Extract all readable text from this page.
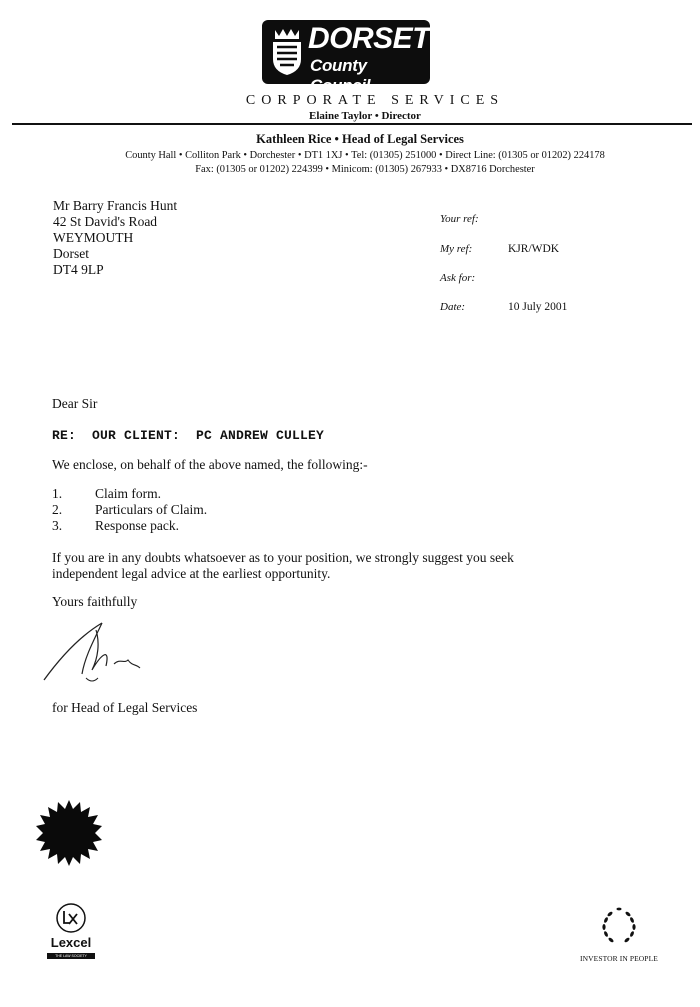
DORSET
County Council
CORPORATE SERVICES
Elaine Taylor • Director
Kathleen Rice • Head of Legal Services
County Hall • Colliton Park • Dorchester • DT1 1XJ • Tel: (01305) 251000 • Direct Line: (01305 or 01202) 224178
Fax: (01305 or 01202) 224399 • Minicom: (01305) 267933 • DX8716 Dorchester
Mr Barry Francis Hunt
42 St David's Road
WEYMOUTH
Dorset
DT4 9LP
Your ref:
My ref:	KJR/WDK
Ask for:
Date:	10 July 2001
Dear Sir
RE:  OUR CLIENT:  PC ANDREW CULLEY
We enclose, on behalf of the above named, the following:-
1. Claim form.
2. Particulars of Claim.
3. Response pack.
If you are in any doubts whatsoever as to your position, we strongly suggest you seek
independent legal advice at the earliest opportunity.
Yours faithfully
for Head of Legal Services
Lexcel
THE LAW SOCIETY	INVESTOR IN PEOPLE
